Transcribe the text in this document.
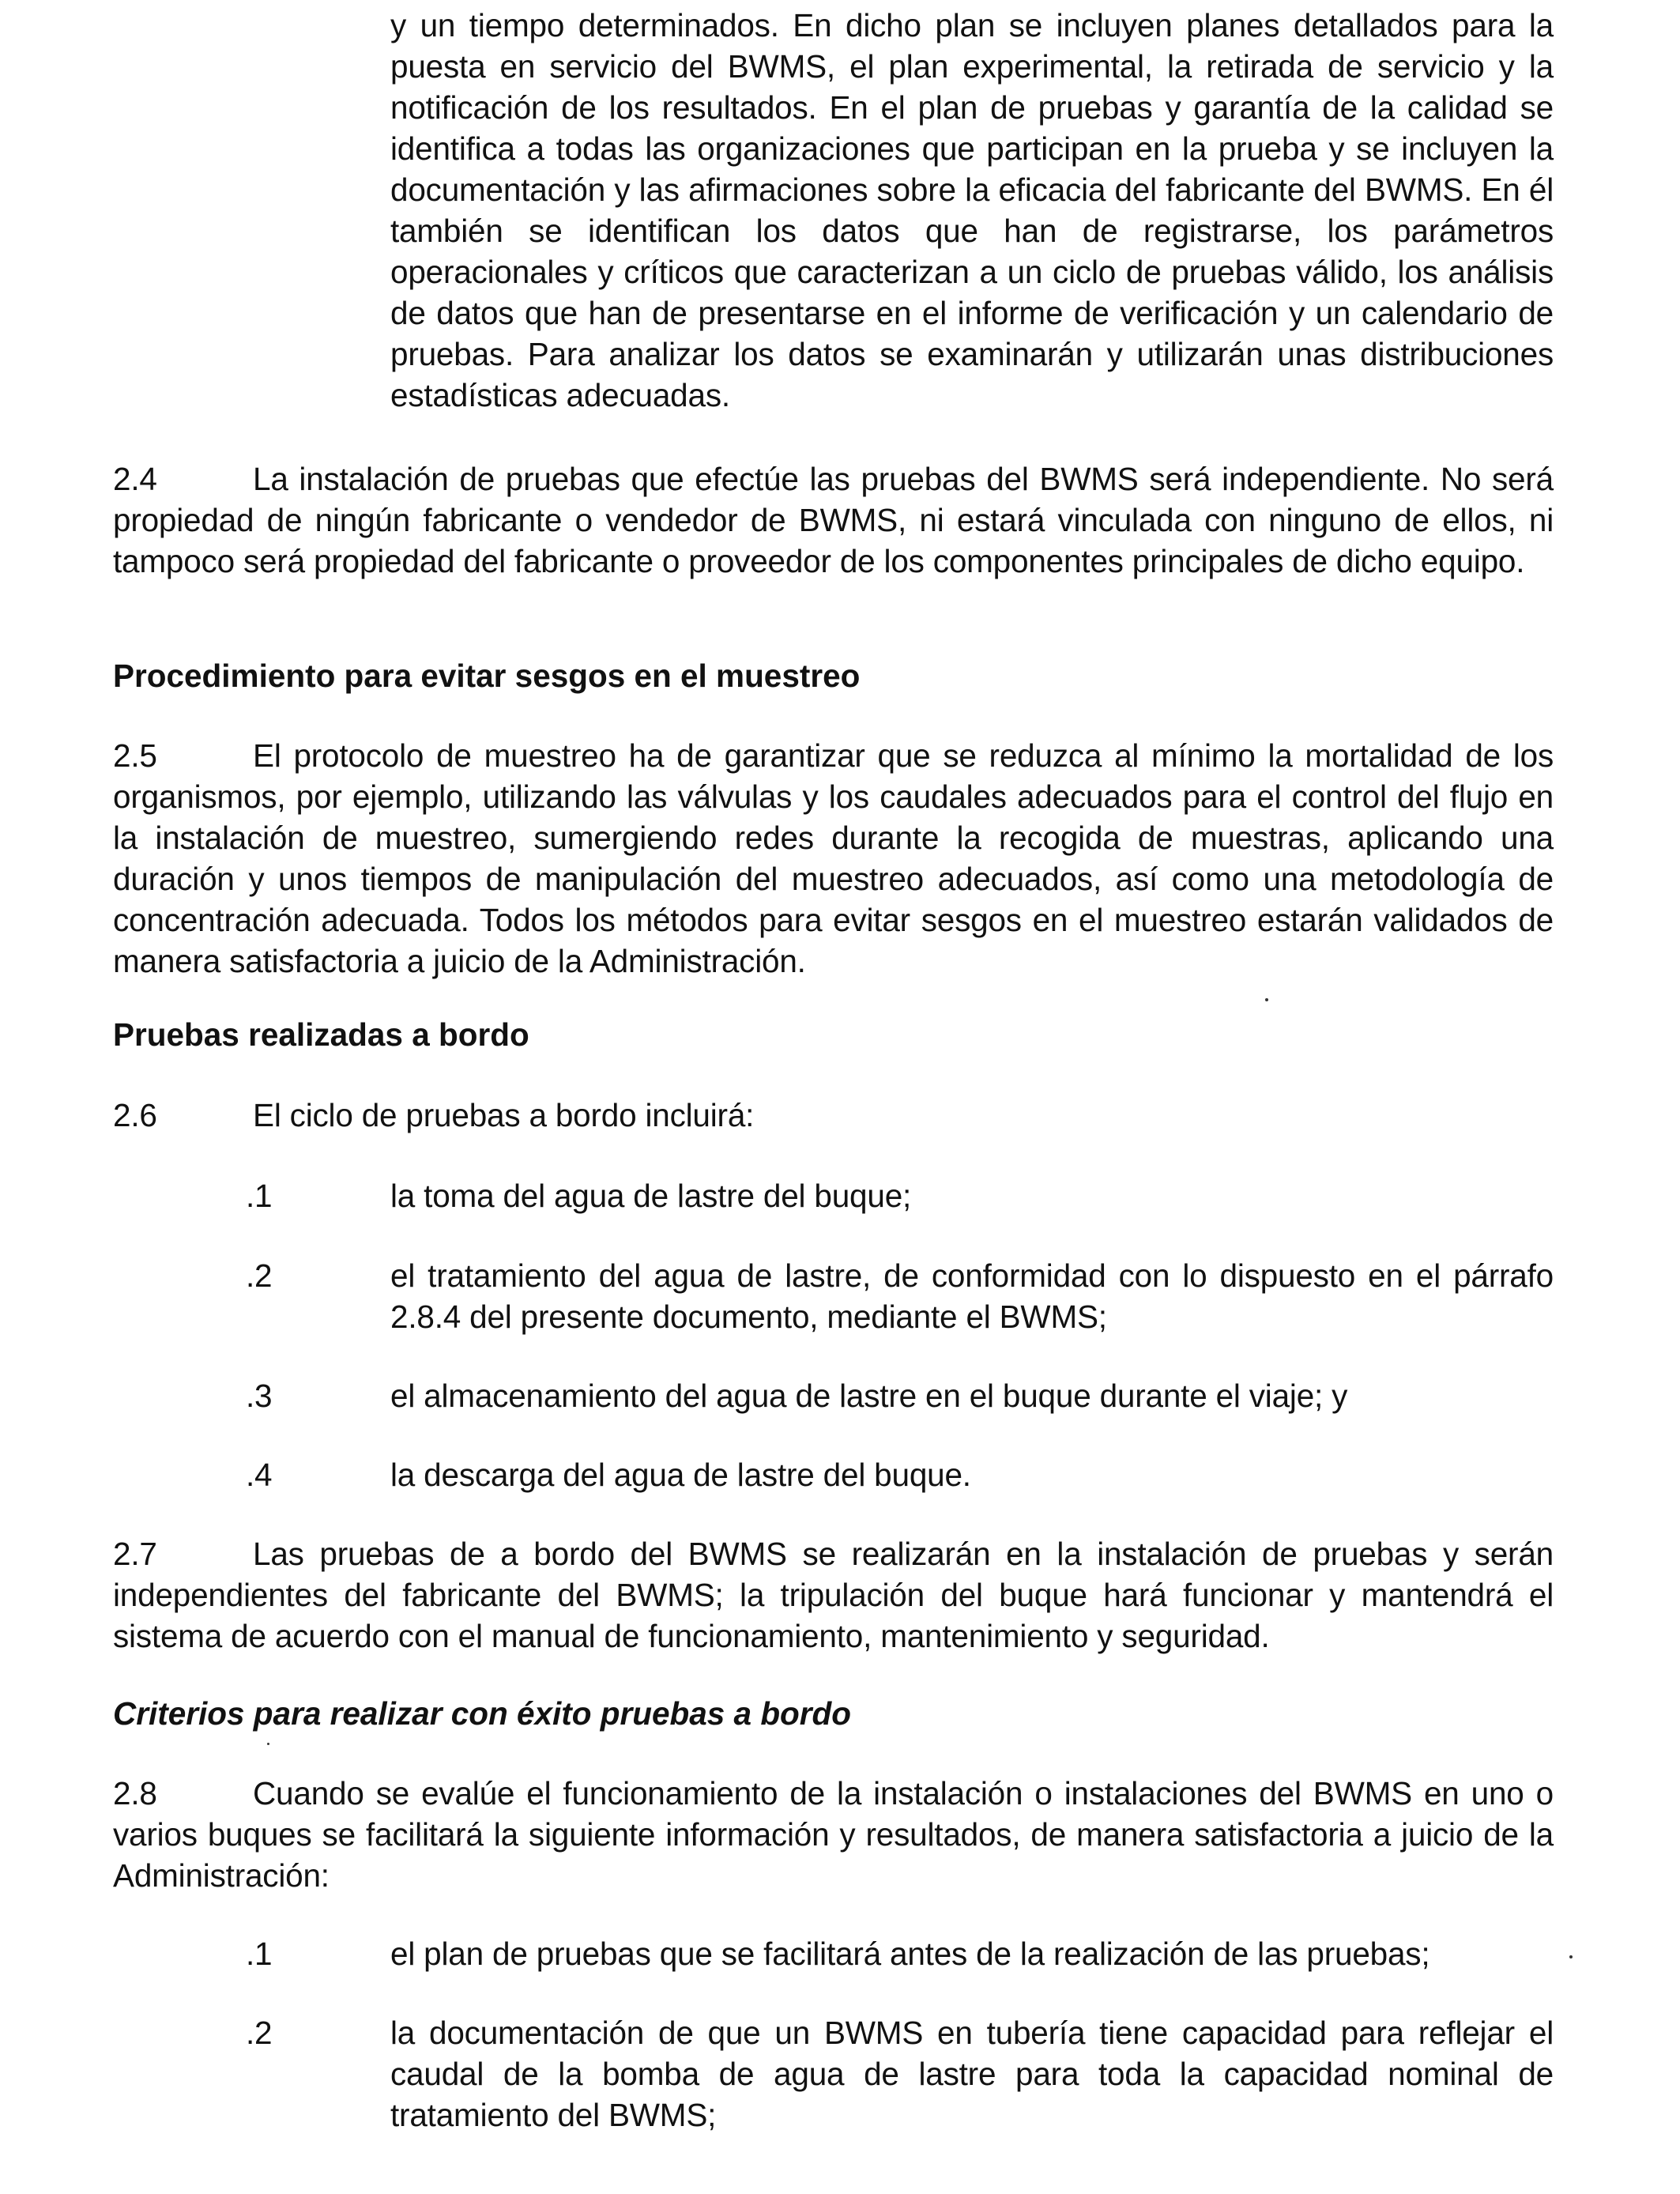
y un tiempo determinados. En dicho plan se incluyen planes detallados para la puesta en servicio del BWMS, el plan experimental, la retirada de servicio y la notificación de los resultados. En el plan de pruebas y garantía de la calidad se identifica a todas las organizaciones que participan en la prueba y se incluyen la documentación y las afirmaciones sobre la eficacia del fabricante del BWMS. En él también se identifican los datos que han de registrarse, los parámetros operacionales y críticos que caracterizan a un ciclo de pruebas válido, los análisis de datos que han de presentarse en el informe de verificación y un calendario de pruebas. Para analizar los datos se examinarán y utilizarán unas distribuciones estadísticas adecuadas.
2.4	La instalación de pruebas que efectúe las pruebas del BWMS será independiente. No será propiedad de ningún fabricante o vendedor de BWMS, ni estará vinculada con ninguno de ellos, ni tampoco será propiedad del fabricante o proveedor de los componentes principales de dicho equipo.
Procedimiento para evitar sesgos en el muestreo
2.5	El protocolo de muestreo ha de garantizar que se reduzca al mínimo la mortalidad de los organismos, por ejemplo, utilizando las válvulas y los caudales adecuados para el control del flujo en la instalación de muestreo, sumergiendo redes durante la recogida de muestras, aplicando una duración y unos tiempos de manipulación del muestreo adecuados, así como una metodología de concentración adecuada. Todos los métodos para evitar sesgos en el muestreo estarán validados de manera satisfactoria a juicio de la Administración.
Pruebas realizadas a bordo
2.6	El ciclo de pruebas a bordo incluirá:
.1	la toma del agua de lastre del buque;
.2	el tratamiento del agua de lastre, de conformidad con lo dispuesto en el párrafo 2.8.4 del presente documento, mediante el BWMS;
.3	el almacenamiento del agua de lastre en el buque durante el viaje; y
.4	la descarga del agua de lastre del buque.
2.7	Las pruebas de a bordo del BWMS se realizarán en la instalación de pruebas y serán independientes del fabricante del BWMS; la tripulación del buque hará funcionar y mantendrá el sistema de acuerdo con el manual de funcionamiento, mantenimiento y seguridad.
Criterios para realizar con éxito pruebas a bordo
2.8	Cuando se evalúe el funcionamiento de la instalación o instalaciones del BWMS en uno o varios buques se facilitará la siguiente información y resultados, de manera satisfactoria a juicio de la Administración:
.1	el plan de pruebas que se facilitará antes de la realización de las pruebas;
.2	la documentación de que un BWMS en tubería tiene capacidad para reflejar el caudal de la bomba de agua de lastre para toda la capacidad nominal de tratamiento del BWMS;
